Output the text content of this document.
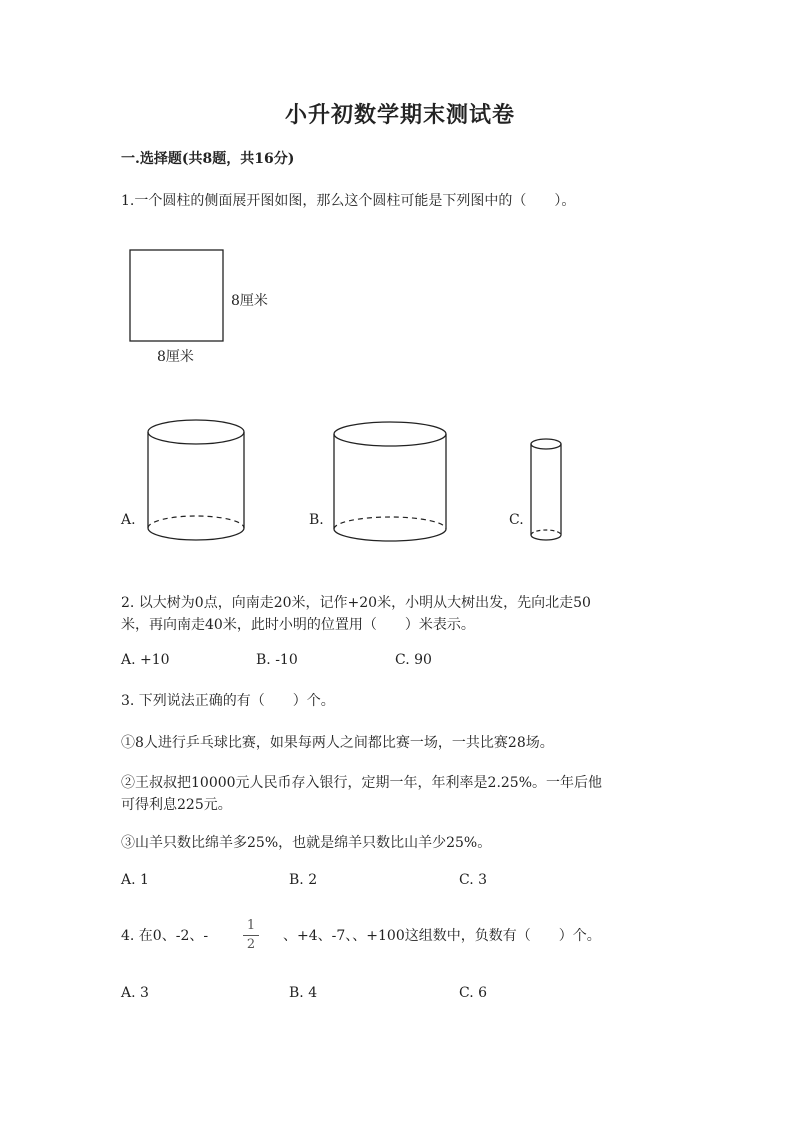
小升初数学期末测试卷
一.选择题(共8题，共16分)
1.一个圆柱的侧面展开图如图，那么这个圆柱可能是下列图中的（　　）。
8厘米
8厘米
A.	B.	C.
2. 以大树为0点，向南走20米，记作+20米，小明从大树出发，先向北走50
米，再向南走40米，此时小明的位置用（　　）米表示。
A. +10	B. -10	C. 90
3. 下列说法正确的有（　　）个。
①8人进行乒乓球比赛，如果每两人之间都比赛一场，一共比赛28场。
②王叔叔把10000元人民币存入银行，定期一年，年利率是2.25%。一年后他
可得利息225元。
③山羊只数比绵羊多25%，也就是绵羊只数比山羊少25%。
A. 1	B. 2	C. 3
4. 在0、-2、-
1
2
、+4、-7、、+100这组数中，负数有（　　）个。
A. 3	B. 4	C. 6
